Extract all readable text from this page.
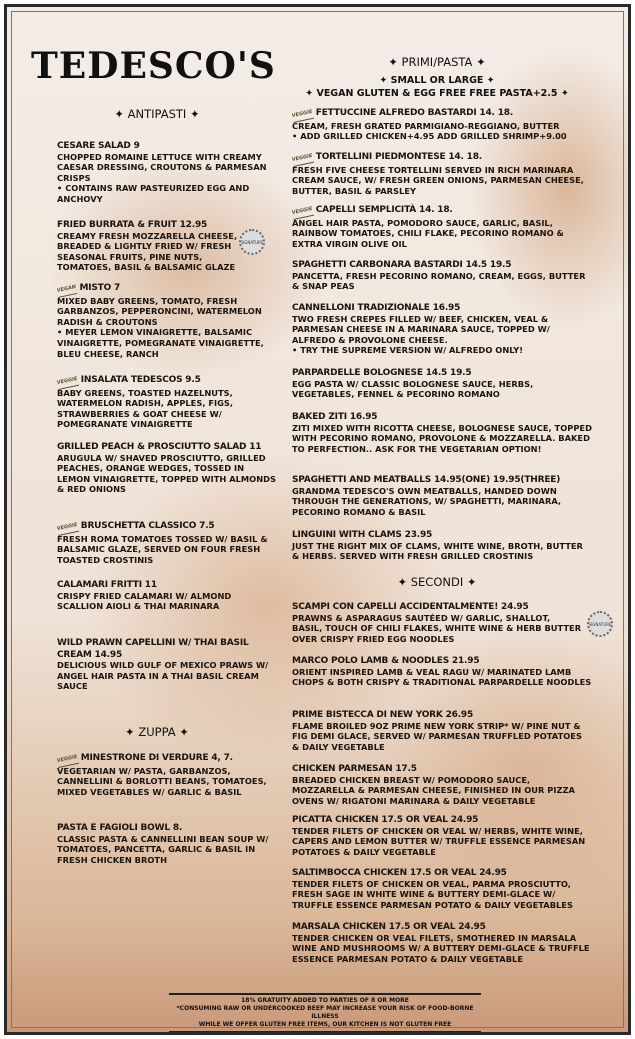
TEDESCO'S
✦ ANTIPASTI ✦
✦ ZUPPA ✦
✦ PRIMI/PASTA ✦
✦ SMALL OR LARGE ✦
✦ VEGAN GLUTEN & EGG FREE FREE PASTA+2.5 ✦
✦ SECONDI ✦
CESARE SALAD 9
CHOPPED ROMAINE LETTUCE WITH CREAMY CAESAR DRESSING, CROUTONS & PARMESAN CRISPS
• CONTAINS RAW PASTEURIZED EGG AND ANCHOVY
FRIED BURRATA & FRUIT 12.95
CREAMY FRESH MOZZARELLA CHEESE, BREADED & LIGHTLY FRIED W/ FRESH SEASONAL FRUITS, PINE NUTS, TOMATOES, BASIL & BALSAMIC GLAZE
SIGNATURE
VEGAN MISTO 7
MIXED BABY GREENS, TOMATO, FRESH GARBANZOS, PEPPERONCINI, WATERMELON RADISH & CROUTONS
• MEYER LEMON VINAIGRETTE, BALSAMIC VINAIGRETTE, POMEGRANATE VINAIGRETTE, BLEU CHEESE, RANCH
VEGGIE INSALATA TEDESCOS 9.5
BABY GREENS, TOASTED HAZELNUTS, WATERMELON RADISH, APPLES, FIGS, STRAWBERRIES & GOAT CHEESE W/ POMEGRANATE VINAIGRETTE
GRILLED PEACH & PROSCIUTTO SALAD 11
ARUGULA W/ SHAVED PROSCIUTTO, GRILLED PEACHES, ORANGE WEDGES, TOSSED IN LEMON VINAIGRETTE, TOPPED WITH ALMONDS & RED ONIONS
VEGGIE BRUSCHETTA CLASSICO 7.5
FRESH ROMA TOMATOES TOSSED W/ BASIL & BALSAMIC GLAZE, SERVED ON FOUR FRESH TOASTED CROSTINIS
CALAMARI FRITTI 11
CRISPY FRIED CALAMARI W/ ALMOND SCALLION AIOLI & THAI MARINARA
WILD PRAWN CAPELLINI W/ THAI BASIL CREAM 14.95
DELICIOUS WILD GULF OF MEXICO PRAWS W/ ANGEL HAIR PASTA IN A THAI BASIL CREAM SAUCE
VEGGIE MINESTRONE DI VERDURE 4, 7.
VEGETARIAN W/ PASTA, GARBANZOS, CANNELLINI & BORLOTTI BEANS, TOMATOES, MIXED VEGETABLES W/ GARLIC & BASIL
PASTA E FAGIOLI BOWL 8.
CLASSIC PASTA & CANNELLINI BEAN SOUP W/ TOMATOES, PANCETTA, GARLIC & BASIL IN FRESH CHICKEN BROTH
VEGGIE FETTUCCINE ALFREDO BASTARDI 14. 18.
CREAM, FRESH GRATED PARMIGIANO-REGGIANO, BUTTER
• ADD GRILLED CHICKEN+4.95 ADD GRILLED SHRIMP+9.00
VEGGIE TORTELLINI PIEDMONTESE 14. 18.
FRESH FIVE CHEESE TORTELLINI SERVED IN RICH MARINARA CREAM SAUCE, W/ FRESH GREEN ONIONS, PARMESAN CHEESE, BUTTER, BASIL & PARSLEY
VEGGIE CAPELLI SEMPLICITÀ 14. 18.
ANGEL HAIR PASTA, POMODORO SAUCE, GARLIC, BASIL, RAINBOW TOMATOES, CHILI FLAKE, PECORINO ROMANO & EXTRA VIRGIN OLIVE OIL
SPAGHETTI CARBONARA BASTARDI 14.5 19.5
PANCETTA, FRESH PECORINO ROMANO, CREAM, EGGS, BUTTER & SNAP PEAS
CANNELLONI TRADIZIONALE 16.95
TWO FRESH CREPES FILLED W/ BEEF, CHICKEN, VEAL & PARMESAN CHEESE IN A MARINARA SAUCE, TOPPED W/ ALFREDO & PROVOLONE CHEESE.
• TRY THE SUPREME VERSION W/ ALFREDO ONLY!
PARPARDELLE BOLOGNESE 14.5 19.5
EGG PASTA W/ CLASSIC BOLOGNESE SAUCE, HERBS, VEGETABLES, FENNEL & PECORINO ROMANO
BAKED ZITI 16.95
ZITI MIXED WITH RICOTTA CHEESE, BOLOGNESE SAUCE, TOPPED WITH PECORINO ROMANO, PROVOLONE & MOZZARELLA. BAKED TO PERFECTION.. ASK FOR THE VEGETARIAN OPTION!
SPAGHETTI AND MEATBALLS 14.95(ONE) 19.95(THREE)
GRANDMA TEDESCO'S OWN MEATBALLS, HANDED DOWN THROUGH THE GENERATIONS, W/ SPAGHETTI, MARINARA, PECORINO ROMANO & BASIL
LINGUINI WITH CLAMS 23.95
JUST THE RIGHT MIX OF CLAMS, WHITE WINE, BROTH, BUTTER & HERBS. SERVED WITH FRESH GRILLED CROSTINIS
SCAMPI CON CAPELLI ACCIDENTALMENTE! 24.95
PRAWNS & ASPARAGUS SAUTÉED W/ GARLIC, SHALLOT, BASIL, TOUCH OF CHILI FLAKES, WHITE WINE & HERB BUTTER OVER CRISPY FRIED EGG NOODLES
SIGNATURE
MARCO POLO LAMB & NOODLES 21.95
ORIENT INSPIRED LAMB & VEAL RAGU W/ MARINATED LAMB CHOPS & BOTH CRISPY & TRADITIONAL PARPARDELLE NOODLES
PRIME BISTECCA DI NEW YORK 26.95
FLAME BROILED 9OZ PRIME NEW YORK STRIP* W/ PINE NUT & FIG DEMI GLACE, SERVED W/ PARMESAN TRUFFLED POTATOES & DAILY VEGETABLE
CHICKEN PARMESAN 17.5
BREADED CHICKEN BREAST W/ POMODORO SAUCE, MOZZARELLA & PARMESAN CHEESE, FINISHED IN OUR PIZZA OVENS W/ RIGATONI MARINARA & DAILY VEGETABLE
PICATTA CHICKEN 17.5 OR VEAL 24.95
TENDER FILETS OF CHICKEN OR VEAL W/ HERBS, WHITE WINE, CAPERS AND LEMON BUTTER W/ TRUFFLE ESSENCE PARMESAN POTATOES & DAILY VEGETABLE
SALTIMBOCCA CHICKEN 17.5 OR VEAL 24.95
TENDER FILETS OF CHICKEN OR VEAL, PARMA PROSCIUTTO, FRESH SAGE IN WHITE WINE & BUTTERY DEMI-GLACE W/ TRUFFLE ESSENCE PARMESAN POTATO & DAILY VEGETABLES
MARSALA CHICKEN 17.5 OR VEAL 24.95
TENDER CHICKEN OR VEAL FILETS, SMOTHERED IN MARSALA WINE AND MUSHROOMS W/ A BUTTERY DEMI-GLACE & TRUFFLE ESSENCE PARMESAN POTATO & DAILY VEGETABLE
18% GRATUITY ADDED TO PARTIES OF 8 OR MORE
*CONSUMING RAW OR UNDERCOOKED BEEF MAY INCREASE YOUR RISK OF FOOD-BORNE ILLNESS
WHILE WE OFFER GLUTEN FREE ITEMS, OUR KITCHEN IS NOT GLUTEN FREE
